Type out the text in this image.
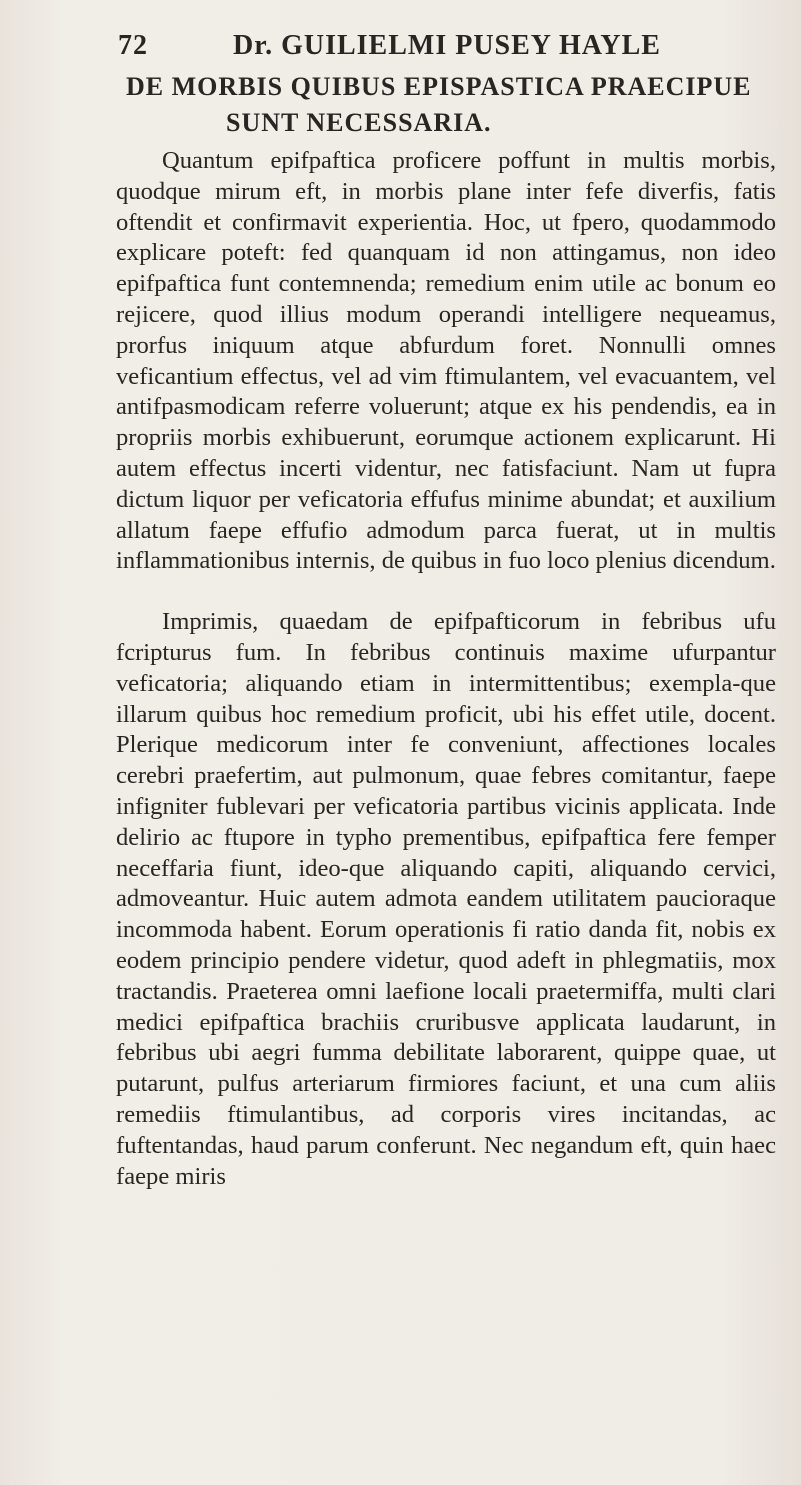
72	Dr. GUILIELMI PUSEY HAYLE
DE MORBIS QUIBUS EPISPASTICA PRAECIPUE
SUNT NECESSARIA.

Quantum epifpaftica proficere poffunt in multis morbis, quodque mirum eft, in morbis plane inter fefe diverfis, fatis oftendit et confirmavit experientia. Hoc, ut fpero, quodammodo explicare poteft: fed quanquam id non attingamus, non ideo epifpaftica funt contemnenda; remedium enim utile ac bonum eo rejicere, quod illius modum operandi intelligere nequeamus, prorfus iniquum atque abfurdum foret. Nonnulli omnes veficantium effectus, vel ad vim ftimulantem, vel evacuantem, vel antifpasmodicam referre voluerunt; atque ex his pendendis, ea in propriis morbis exhibuerunt, eorumque actionem explicarunt. Hi autem effectus incerti videntur, nec fatisfaciunt. Nam ut fupra dictum liquor per veficatoria effufus minime abundat; et auxilium allatum faepe effufio admodum parca fuerat, ut in multis inflammationibus internis, de quibus in fuo loco plenius dicendum.

Imprimis, quaedam de epifpafticorum in febribus ufu fcripturus fum. In febribus continuis maxime ufurpantur veficatoria; aliquando etiam in intermittentibus; exempla-que illarum quibus hoc remedium proficit, ubi his effet utile, docent. Plerique medicorum inter fe conveniunt, affectiones locales cerebri praefertim, aut pulmonum, quae febres comitantur, faepe infigniter fublevari per veficatoria partibus vicinis applicata. Inde delirio ac ftupore in typho prementibus, epifpaftica fere femper neceffaria fiunt, ideo-que aliquando capiti, aliquando cervici, admoveantur. Huic autem admota eandem utilitatem paucioraque incommoda habent. Eorum operationis fi ratio danda fit, nobis ex eodem principio pendere videtur, quod adeft in phlegmatiis, mox tractandis. Praeterea omni laefione locali praetermiffa, multi clari medici epifpaftica brachiis cruribusve applicata laudarunt, in febribus ubi aegri fumma debilitate laborarent, quippe quae, ut putarunt, pulfus arteriarum firmiores faciunt, et una cum aliis remediis ftimulantibus, ad corporis vires incitandas, ac fuftentandas, haud parum conferunt. Nec negandum eft, quin haec faepe miris
